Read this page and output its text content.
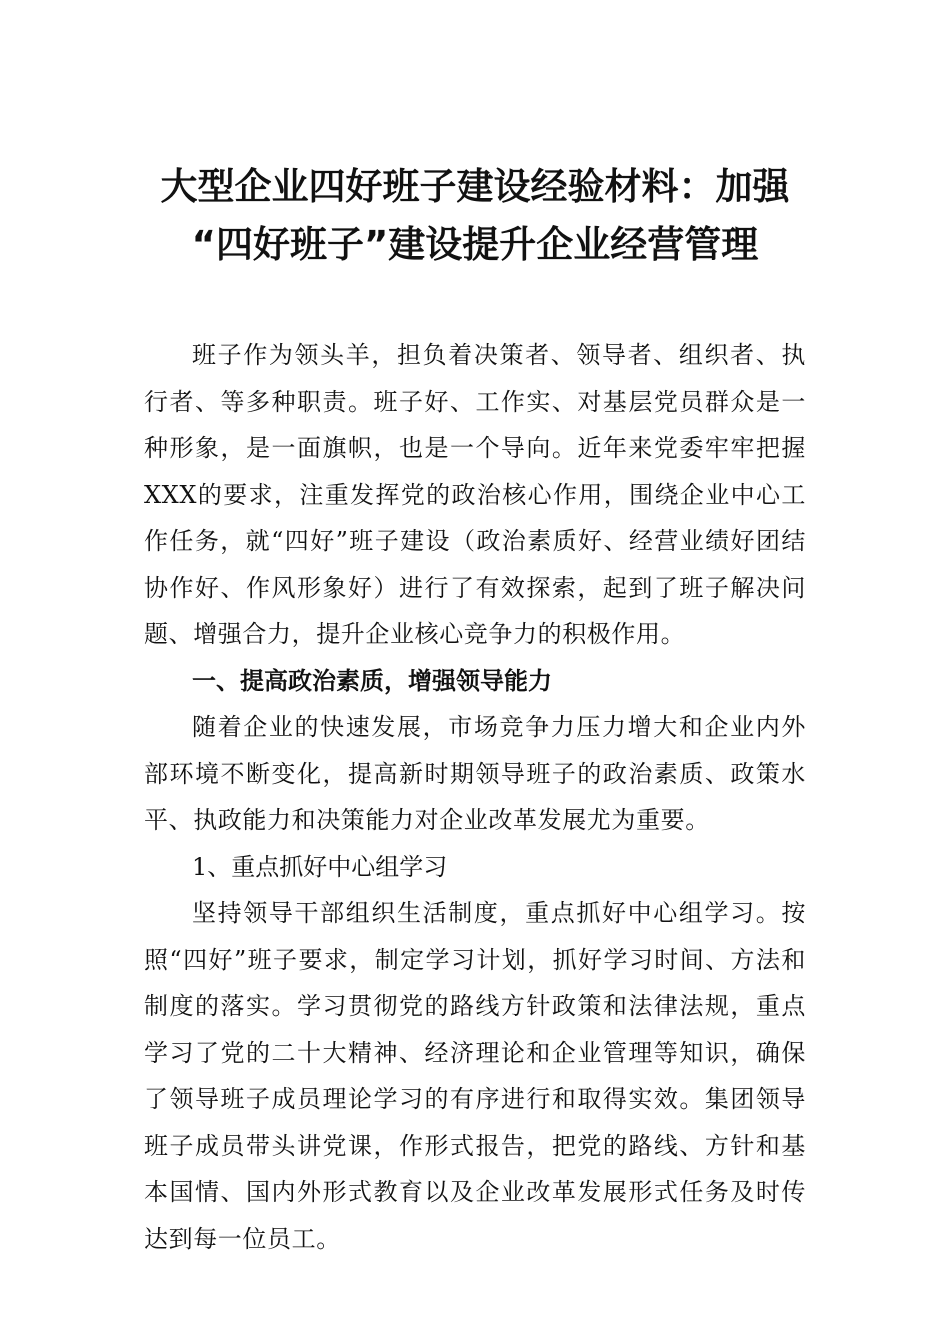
大型企业四好班子建设经验材料：加强
“四好班子”建设提升企业经营管理

班子作为领头羊，担负着决策者、领导者、组织者、执行者、等多种职责。班子好、工作实、对基层党员群众是一种形象，是一面旗帜，也是一个导向。近年来党委牢牢把握XXX的要求，注重发挥党的政治核心作用，围绕企业中心工作任务，就“四好”班子建设（政治素质好、经营业绩好团结协作好、作风形象好）进行了有效探索，起到了班子解决问题、增强合力，提升企业核心竞争力的积极作用。

一、提高政治素质，增强领导能力

随着企业的快速发展，市场竞争力压力增大和企业内外部环境不断变化，提高新时期领导班子的政治素质、政策水平、执政能力和决策能力对企业改革发展尤为重要。

1、重点抓好中心组学习

坚持领导干部组织生活制度，重点抓好中心组学习。按照“四好”班子要求，制定学习计划，抓好学习时间、方法和制度的落实。学习贯彻党的路线方针政策和法律法规，重点学习了党的二十大精神、经济理论和企业管理等知识，确保了领导班子成员理论学习的有序进行和取得实效。集团领导班子成员带头讲党课，作形式报告，把党的路线、方针和基本国情、国内外形式教育以及企业改革发展形式任务及时传达到每一位员工。
